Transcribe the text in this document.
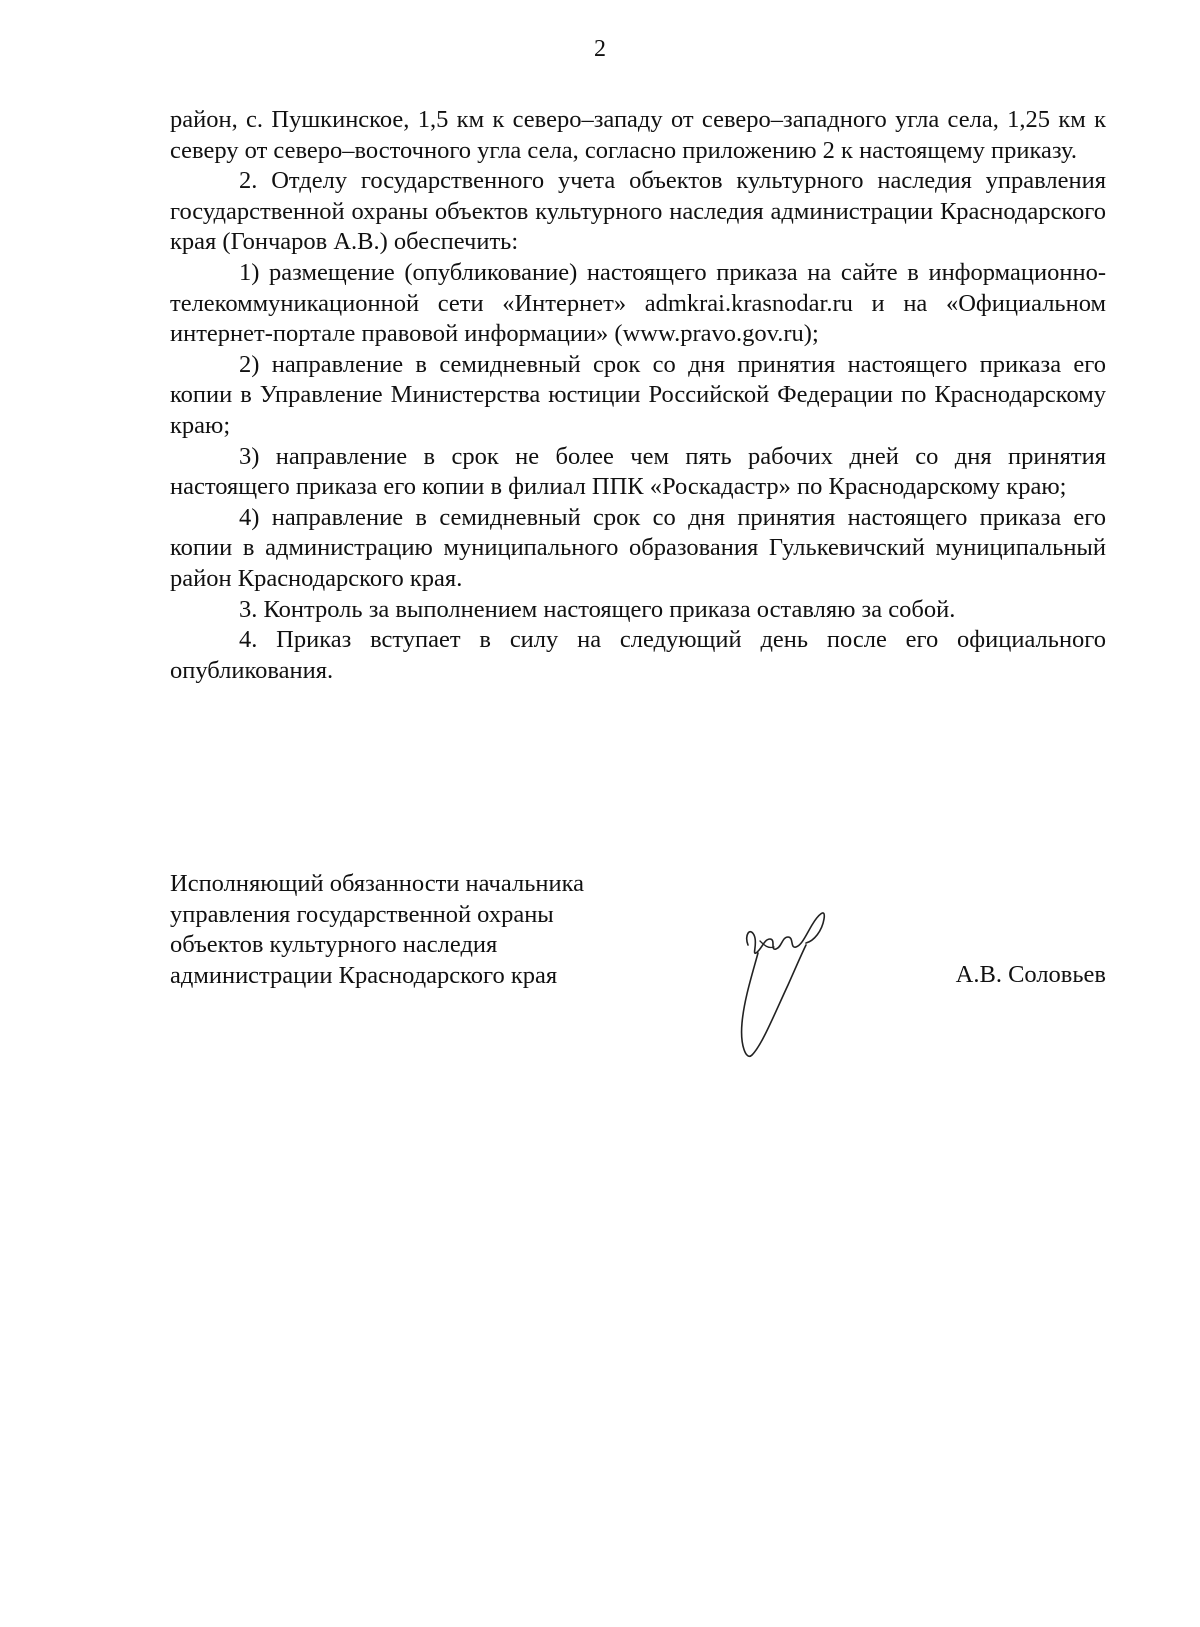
2

район, с. Пушкинское, 1,5 км к северо–западу от северо–западного угла села, 1,25 км к северу от северо–восточного угла села, согласно приложению 2 к настоящему приказу.

2. Отделу государственного учета объектов культурного наследия управления государственной охраны объектов культурного наследия администрации Краснодарского края (Гончаров А.В.) обеспечить:

1) размещение (опубликование) настоящего приказа на сайте в информационно-телекоммуникационной сети «Интернет» admkrai.krasnodar.ru и на «Официальном интернет-портале правовой информации» (www.pravo.gov.ru);

2) направление в семидневный срок со дня принятия настоящего приказа его копии в Управление Министерства юстиции Российской Федерации по Краснодарскому краю;

3) направление в срок не более чем пять рабочих дней со дня принятия настоящего приказа его копии в филиал ППК «Роскадастр» по Краснодарскому краю;

4) направление в семидневный срок со дня принятия настоящего приказа его копии в администрацию муниципального образования Гулькевичский муниципальный район Краснодарского края.

3. Контроль за выполнением настоящего приказа оставляю за собой.

4. Приказ вступает в силу на следующий день после его официального опубликования.

Исполняющий обязанности начальника
управления государственной охраны
объектов культурного наследия
администрации Краснодарского края	А.В. Соловьев
